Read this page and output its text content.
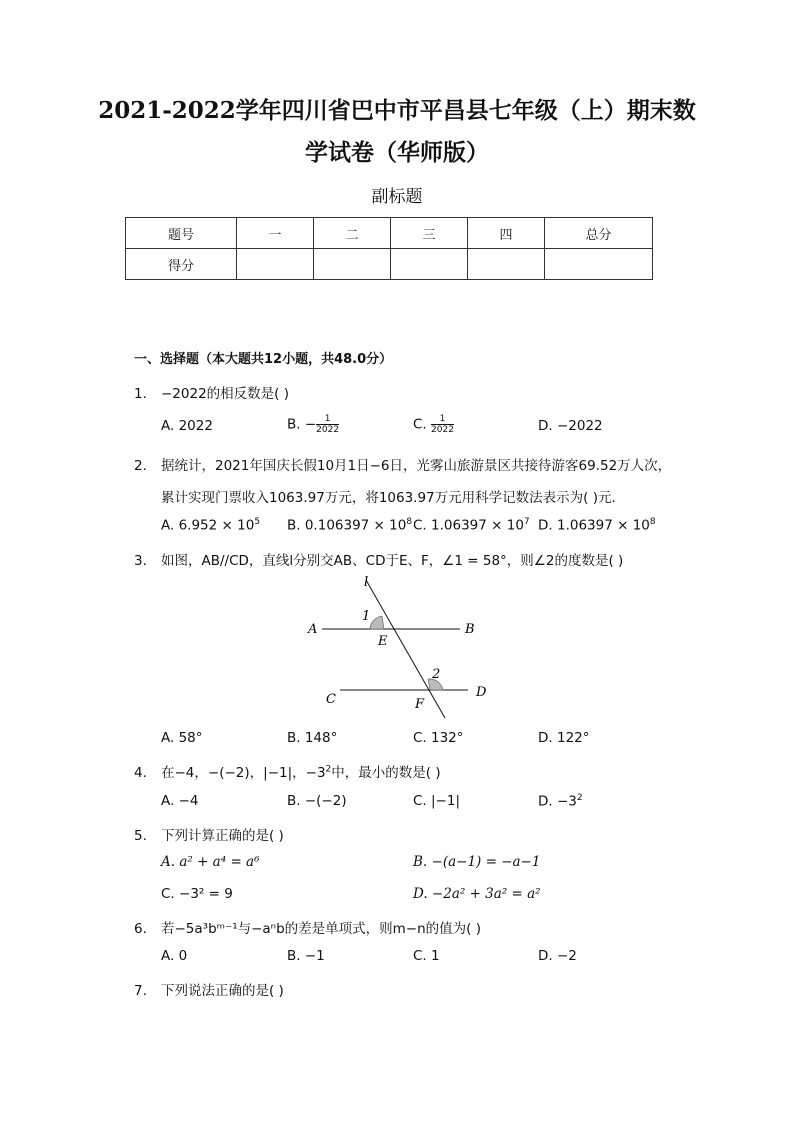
2021-2022学年四川省巴中市平昌县七年级（上）期末数
学试卷（华师版）
副标题
题号	一	二	三	四	总分
得分					
一、选择题（本大题共12小题，共48.0分）
1. −2022的相反数是( )
A. 2022	B. − $\frac{1}{2022}$	C. $\frac{1}{2022}$	D. −2022
2. 据统计，2021年国庆长假10月1日−6日，光雾山旅游景区共接待游客69.52万人次，
累计实现门票收入1063.97万元，将1063.97万元用科学记数法表示为( )元．
A. $6.952 \times 10^5$ B. $0.106397 \times 10^8$ C. $1.06397 \times 10^7$ D. $1.06397 \times 10^8$
3. 如图，AB//CD，直线l分别交AB、CD于E、F，∠1 = 58°，则∠2的度数是( )
l
1
2
A	B
C	D
E
F
A. 58°	B. 148°	C. 132°	D. 122°
4. 在−4，−(−2)，|−1|，$-3^2$中，最小的数是( )
A. −4	B. −(−2)	C. |−1|	D. $-3^2$
5. 下列计算正确的是( )
A. a² + a⁴ = a⁶	B. −(a−1) = −a−1
C. −3² = 9	D. −2a² + 3a² = a²
6. 若−5a³bᵐ⁻¹与−aⁿb的差是单项式，则m−n的值为( )
A. 0	B. −1	C. 1	D. −2
7. 下列说法正确的是( )
